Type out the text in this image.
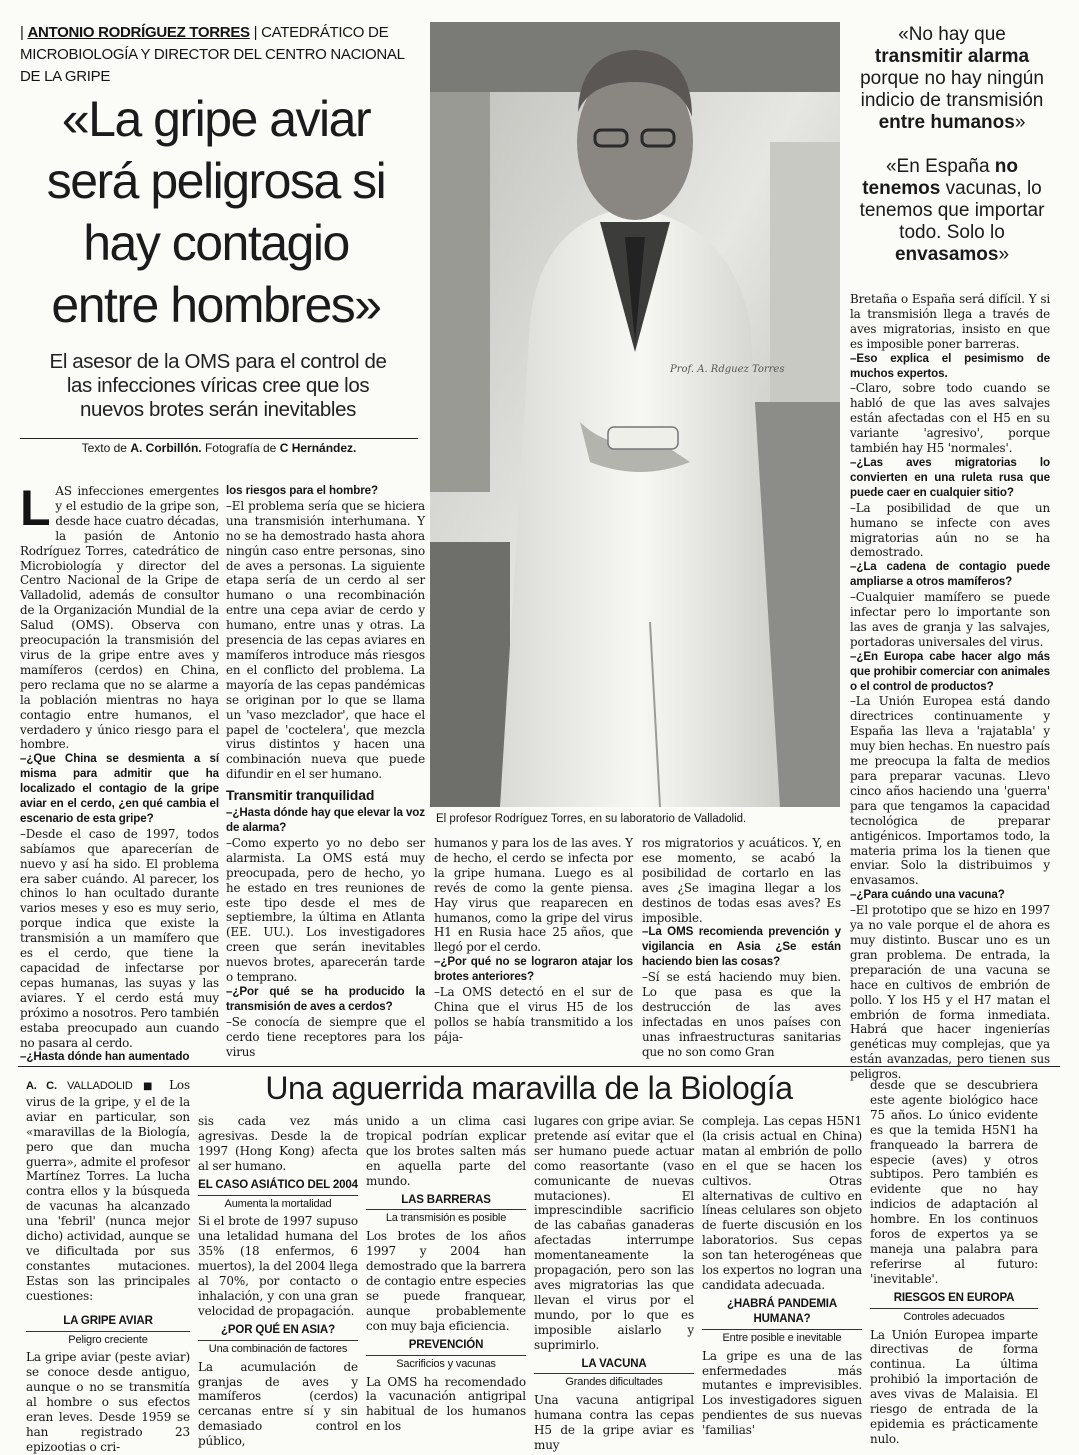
| ANTONIO RODRÍGUEZ TORRES | CATEDRÁTICO DE MICROBIOLOGÍA Y DIRECTOR DEL CENTRO NACIONAL DE LA GRIPE
«La gripe aviar
será peligrosa si
hay contagio
entre hombres»
El asesor de la OMS para el control de
las infecciones víricas cree que los
nuevos brotes serán inevitables
Texto de A. Corbillón. Fotografía de C Hernández.
Prof. A. Rdguez Torres
El profesor Rodríguez Torres, en su laboratorio de Valladolid.
«No hay que transmitir alarma porque no hay ningún indicio de transmisión entre humanos»
«En España no tenemos vacunas, lo tenemos que importar todo. Solo lo envasamos»
L AS infecciones emergentes y el estudio de la gripe son, desde hace cuatro décadas, la pasión de Antonio Rodríguez Torres, catedrático de Microbiología y director del Centro Nacional de la Gripe de Valladolid, además de consultor de la Organización Mundial de la Salud (OMS). Observa con preocupación la transmisión del virus de la gripe entre aves y mamíferos (cerdos) en China, pero reclama que no se alarme a la población mientras no haya contagio entre humanos, el verdadero y único riesgo para el hombre.

–¿Que China se desmienta a sí misma para admitir que ha localizado el contagio de la gripe aviar en el cerdo, ¿en qué cambia el escenario de esta gripe?

–Desde el caso de 1997, todos sabíamos que aparecerían de nuevo y así ha sido. El problema era saber cuándo. Al parecer, los chinos lo han ocultado durante varios meses y eso es muy serio, porque indica que existe la transmisión a un mamífero que es el cerdo, que tiene la capacidad de infectarse por cepas humanas, las suyas y las aviares. Y el cerdo está muy próximo a nosotros. Pero también estaba preocupado aun cuando no pasara al cerdo.

–¿Hasta dónde han aumentado

los riesgos para el hombre?

–El problema sería que se hiciera una transmisión interhumana. Y no se ha demostrado hasta ahora ningún caso entre personas, sino de aves a personas. La siguiente etapa sería de un cerdo al ser humano o una recombinación entre una cepa aviar de cerdo y humano, entre unas y otras. La presencia de las cepas aviares en mamíferos introduce más riesgos en el conflicto del problema. La mayoría de las cepas pandémicas se originan por lo que se llama un 'vaso mezclador', que hace el papel de 'coctelera', que mezcla virus distintos y hacen una combinación nueva que puede difundir en el ser humano.

Transmitir tranquilidad

–¿Hasta dónde hay que elevar la voz de alarma?

–Como experto yo no debo ser alarmista. La OMS está muy preocupada, pero de hecho, yo he estado en tres reuniones de este tipo desde el mes de septiembre, la última en Atlanta (EE. UU.). Los investigadores creen que serán inevitables nuevos brotes, aparecerán tarde o temprano.

–¿Por qué se ha producido la transmisión de aves a cerdos?

–Se conocía de siempre que el cerdo tiene receptores para los virus

humanos y para los de las aves. Y de hecho, el cerdo se infecta por la gripe humana. Luego es al revés de como la gente piensa. Hay virus que reaparecen en humanos, como la gripe del virus H1 en Rusia hace 25 años, que llegó por el cerdo.

–¿Por qué no se lograron atajar los brotes anteriores?

–La OMS detectó en el sur de China que el virus H5 de los pollos se había transmitido a los pája-

ros migratorios y acuáticos. Y, en ese momento, se acabó la posibilidad de cortarlo en las aves ¿Se imagina llegar a los destinos de todas esas aves? Es imposible.

–La OMS recomienda prevención y vigilancia en Asia ¿Se están haciendo bien las cosas?

–Sí se está haciendo muy bien. Lo que pasa es que la destrucción de las aves infectadas en unos países con unas infraestructuras sanitarias que no son como Gran

Bretaña o España será difícil. Y si la transmisión llega a través de aves migratorias, insisto en que es imposible poner barreras.

–Eso explica el pesimismo de muchos expertos.

–Claro, sobre todo cuando se habló de que las aves salvajes están afectadas con el H5 en su variante 'agresivo', porque también hay H5 'normales'.

–¿Las aves migratorias lo convierten en una ruleta rusa que puede caer en cualquier sitio?

–La posibilidad de que un humano se infecte con aves migratorias aún no se ha demostrado.

–¿La cadena de contagio puede ampliarse a otros mamíferos?

–Cualquier mamífero se puede infectar pero lo importante son las aves de granja y las salvajes, portadoras universales del virus.

–¿En Europa cabe hacer algo más que prohibir comerciar con animales o el control de productos?

–La Unión Europea está dando directrices continuamente y España las lleva a 'rajatabla' y muy bien hechas. En nuestro país me preocupa la falta de medios para preparar vacunas. Llevo cinco años haciendo una 'guerra' para que tengamos la capacidad tecnológica de preparar antigénicos. Importamos todo, la materia prima los la tienen que enviar. Solo la distribuimos y envasamos.

–¿Para cuándo una vacuna?

–El prototipo que se hizo en 1997 ya no vale porque el de ahora es muy distinto. Buscar uno es un gran problema. De entrada, la preparación de una vacuna se hace en cultivos de embrión de pollo. Y los H5 y el H7 matan el embrión de forma inmediata. Habrá que hacer ingenierías genéticas muy complejas, que ya están avanzadas, pero tienen sus peligros.

A. C. VALLADOLID ■ Los virus de la gripe, y el de la aviar en particular, son «maravillas de la Biología, pero que dan mucha guerra», admite el profesor Martínez Torres. La lucha contra ellos y la búsqueda de vacunas ha alcanzado una 'febril' (nunca mejor dicho) actividad, aunque se ve dificultada por sus constantes mutaciones. Estas son las principales cuestiones:

LA GRIPE AVIAR
Peligro creciente

La gripe aviar (peste aviar) se conoce desde antiguo, aunque o no se transmitía al hombre o sus efectos eran leves. Desde 1959 se han registrado 23 epizootias o cri-

Una aguerrida maravilla de la Biología

sis cada vez más agresivas. Desde la de 1997 (Hong Kong) afecta al ser humano.

EL CASO ASIÁTICO DEL 2004
Aumenta la mortalidad

Si el brote de 1997 supuso una letalidad humana del 35% (18 enfermos, 6 muertos), la del 2004 llega al 70%, por contacto o inhalación, y con una gran velocidad de propagación.

¿POR QUÉ EN ASIA?
Una combinación de factores

La acumulación de granjas de aves y mamíferos (cerdos) cercanas entre sí y sin demasiado control público,

unido a un clima casi tropical podrían explicar que los brotes salten más en aquella parte del mundo.

LAS BARRERAS
La transmisión es posible

Los brotes de los años 1997 y 2004 han demostrado que la barrera de contagio entre especies se puede franquear, aunque probablemente con muy baja eficiencia.

PREVENCIÓN
Sacrificios y vacunas

La OMS ha recomendado la vacunación antigripal habitual de los humanos en los

lugares con gripe aviar. Se pretende así evitar que el ser humano puede actuar como reasortante (vaso comunicante de nuevas mutaciones). El imprescindible sacrificio de las cabañas ganaderas afectadas interrumpe momentaneamente la propagación, pero son las aves migratorias las que llevan el virus por el mundo, por lo que es imposible aislarlo y suprimirlo.

LA VACUNA
Grandes dificultades

Una vacuna antigripal humana contra las cepas H5 de la gripe aviar es muy

compleja. Las cepas H5N1 (la crisis actual en China) matan al embrión de pollo en el que se hacen los cultivos. Otras alternativas de cultivo en líneas celulares son objeto de fuerte discusión en los laboratorios. Sus cepas son tan heterogéneas que los expertos no logran una candidata adecuada.

¿HABRÁ PANDEMIA HUMANA?
Entre posible e inevitable

La gripe es una de las enfermedades más mutantes e imprevisibles. Los investigadores siguen pendientes de sus nuevas 'familias'

desde que se descubriera este agente biológico hace 75 años. Lo único evidente es que la temida H5N1 ha franqueado la barrera de especie (aves) y otros subtipos. Pero también es evidente que no hay indicios de adaptación al hombre. En los continuos foros de expertos ya se maneja una palabra para referirse al futuro: 'inevitable'.

RIESGOS EN EUROPA
Controles adecuados

La Unión Europea imparte directivas de forma continua. La última prohibió la importación de aves vivas de Malaisia. El riesgo de entrada de la epidemia es prácticamente nulo.
